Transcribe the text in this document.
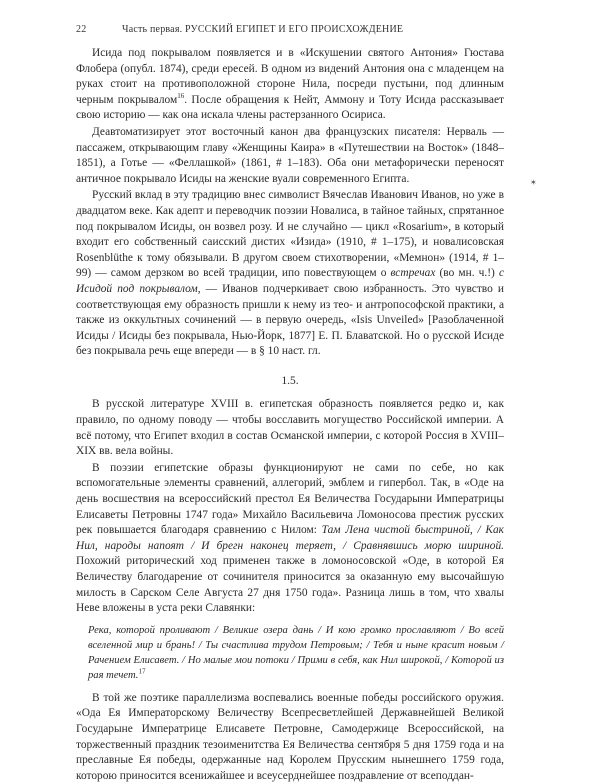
22	Часть первая. РУССКИЙ ЕГИПЕТ И ЕГО ПРОИСХОЖДЕНИЕ
✶

Исида под покрывалом появляется и в «Искушении святого Антония» Гюстава Флобера (опубл. 1874), среди ересей. В одном из видений Антония она с младенцем на руках стоит на противоположной стороне Нила, посреди пустыни, под длинным черным покрывалом$^{16}$. После обращения к Нейт, Аммону и Тоту Исида рассказывает свою историю — как она искала члены растерзанного Осириса.

Деавтоматизирует этот восточный канон два французских писателя: Нерваль — пассажем, открывающим главу «Женщины Каира» в «Путешествии на Восток» (1848–1851), а Готье — «Феллашкой» (1861, # 1–183). Оба они метафорически переносят античное покрывало Исиды на женские вуали современного Египта.

Русский вклад в эту традицию внес символист Вячеслав Иванович Иванов, но уже в двадцатом веке. Как адепт и переводчик поэзии Новалиса, в тайное тайных, спрятанное под покрывалом Исиды, он возвел розу. И не случайно — цикл «Rosarium», в который входит его собственный саисский дистих «Изида» (1910, # 1–175), и новалисовская Rosenblüthe к тому обязывали. В другом своем стихотворении, «Мемнон» (1914, # 1–99) — самом дерзком во всей традиции, ипо повествующем о встречах (во мн. ч.!) с Исидой под покрывалом, — Иванов подчеркивает свою избранность. Это чувство и соответствующая ему образность пришли к нему из тео- и антропософской практики, а также из оккультных сочинений — в первую очередь, «Isis Unveiled» [Разоблаченной Исиды / Исиды без покрывала, Нью-Йорк, 1877] Е. П. Блаватской. Но о русской Исиде без покрывала речь еще впереди — в § 10 наст. гл.

1.5.

В русской литературе XVIII в. египетская образность появляется редко и, как правило, по одному поводу — чтобы восславить могущество Российской империи. А всё потому, что Египет входил в состав Османской империи, с которой Россия в XVIII–XIX вв. вела войны.

В поэзии египетские образы функционируют не сами по себе, но как вспомогательные элементы сравнений, аллегорий, эмблем и гипербол. Так, в «Оде на день восшествия на всероссийский престол Ея Величества Государыни Императрицы Елисаветы Петровны 1747 года» Михайло Васильевича Ломоносова престиж русских рек повышается благодаря сравнению с Нилом: Там Лена чистой быстриной, / Как Нил, народы напоят / И брегн наконец теряет, / Сравнявшись морю шириной. Похожий риторический ход применен также в ломоносовской «Оде, в которой Ея Величеству благодарение от сочинителя приносится за оказанную ему высочайшую милость в Сарском Селе Августа 27 дня 1750 года». Разница лишь в том, что хвалы Неве вложены в уста реки Славянки:

Река, которой проливают / Великие озера дань / И кою громко прославляют / Во всей вселенной мир и брань! / Ты счастлива трудом Петровым; / Тебя и ныне красит новым / Рачением Елисавет. / Но малые мои потоки / Прими в себя, как Нил широкой, / Которой из рая течет.$^{17}$

В той же поэтике параллелизма воспевались военные победы российского оружия. «Ода Ея Императорскому Величеству Всепресветлейшей Державнейшей Великой Государыне Императрице Елисавете Петровне, Самодержице Всероссийской, на торжественный праздник тезоименитства Ея Величества сентября 5 дня 1759 года и на преславные Ея победы, одержанные над Королем Прусским нынешнего 1759 года, которою приносится всенижайшее и всеусерднейшее поздравление от всеподдан-
